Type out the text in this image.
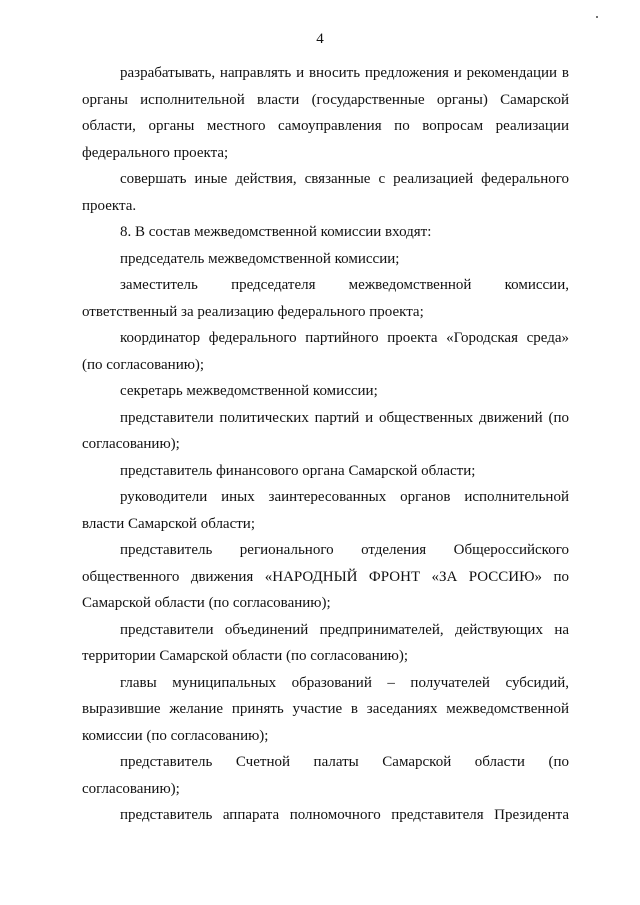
4

разрабатывать, направлять и вносить предложения и рекомендации в органы исполнительной власти (государственные органы) Самарской области, органы местного самоуправления по вопросам реализации федерального проекта;

совершать иные действия, связанные с реализацией федерального проекта.

8. В состав межведомственной комиссии входят:

председатель межведомственной комиссии;

заместитель председателя межведомственной комиссии, ответственный за реализацию федерального проекта;

координатор федерального партийного проекта «Городская среда» (по согласованию);

секретарь межведомственной комиссии;

представители политических партий и общественных движений (по согласованию);

представитель финансового органа Самарской области;

руководители иных заинтересованных органов исполнительной власти Самарской области;

представитель регионального отделения Общероссийского общественного движения «НАРОДНЫЙ ФРОНТ «ЗА РОССИЮ» по Самарской области (по согласованию);

представители объединений предпринимателей, действующих на территории Самарской области (по согласованию);

главы муниципальных образований – получателей субсидий, выразившие желание принять участие в заседаниях межведомственной комиссии (по согласованию);

представитель Счетной палаты Самарской области (по согласованию);

представитель аппарата полномочного представителя Президента
